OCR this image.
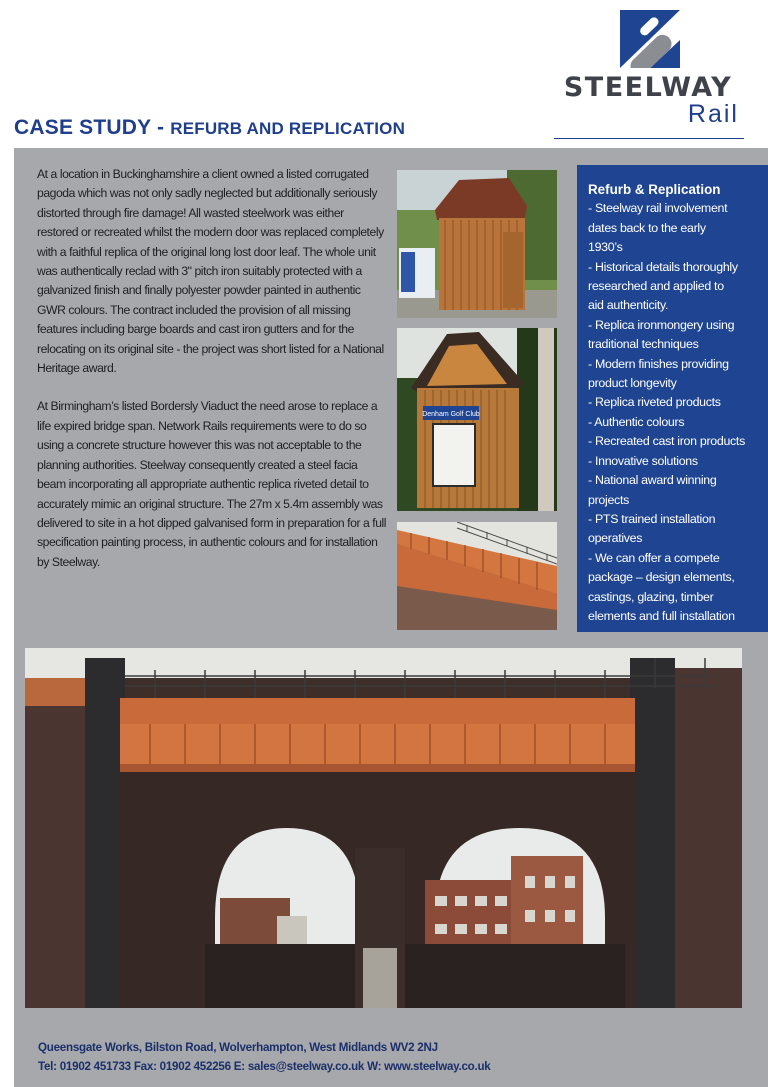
CASE STUDY - REFURB AND REPLICATION
STEELWAY
Rail

At a location in Buckinghamshire a client owned a listed corrugated pagoda which was not only sadly neglected but additionally seriously distorted through fire damage! All wasted steelwork was either restored or recreated whilst the modern door was replaced completely with a faithful replica of the original long lost door leaf. The whole unit was authentically reclad with 3" pitch iron suitably protected with a galvanized finish and finally polyester powder painted in authentic GWR colours. The contract included the provision of all missing features including barge boards and cast iron gutters and for the relocating on its original site - the project was short listed for a National Heritage award.

At Birmingham’s listed Bordersly Viaduct the need arose to replace a life expired bridge span. Network Rails requirements were to do so using a concrete structure however this was not acceptable to the planning authorities. Steelway consequently created a steel facia beam incorporating all appropriate authentic replica riveted detail to accurately mimic an original structure. The 27m x 5.4m assembly was delivered to site in a hot dipped galvanised form in preparation for a full specification painting process, in authentic colours and for installation by Steelway.

Denham Golf Club
Refurb & Replication
- Steelway rail involvement
dates back to the early
1930’s
- Historical details thoroughly
researched and applied to
aid authenticity.
- Replica ironmongery using
traditional techniques
- Modern finishes providing
product longevity
- Replica riveted products
- Authentic colours
- Recreated cast iron products
- Innovative solutions
- National award winning
projects
- PTS trained installation
operatives
- We can offer a compete
package – design elements,
castings, glazing, timber
elements and full installation
Queensgate Works, Bilston Road, Wolverhampton, West Midlands WV2 2NJ
Tel: 01902 451733 Fax: 01902 452256 E: sales@steelway.co.uk W: www.steelway.co.uk
